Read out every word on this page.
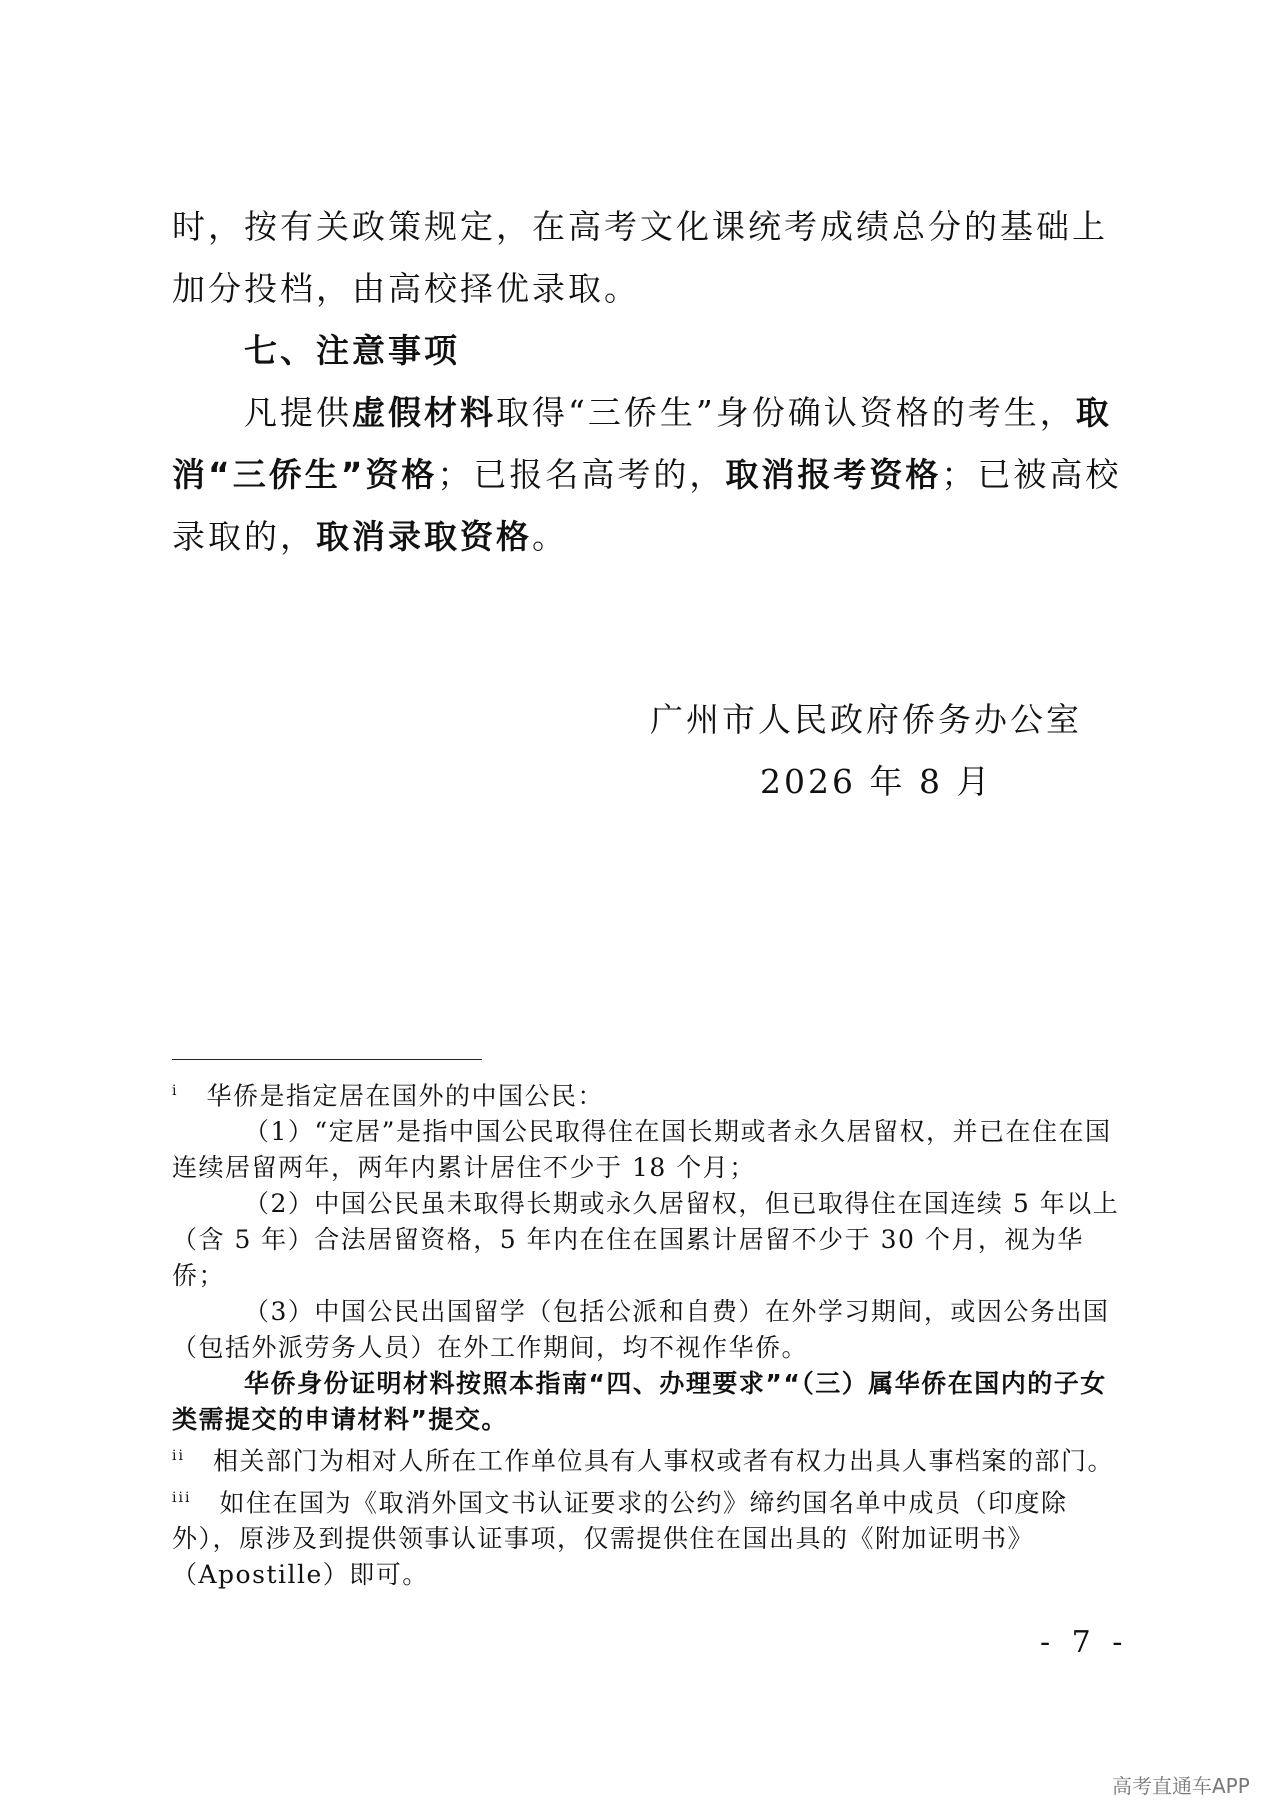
时，按有关政策规定，在高考文化课统考成绩总分的基础上加分投档，由高校择优录取。

七、注意事项

凡提供虚假材料取得“三侨生”身份确认资格的考生，取消“三侨生”资格；已报名高考的，取消报考资格；已被高校录取的，取消录取资格。

广州市人民政府侨务办公室
2026 年 8 月

$^i$ 华侨是指定居在国外的中国公民：

（1）“定居”是指中国公民取得住在国长期或者永久居留权，并已在住在国连续居留两年，两年内累计居住不少于 18 个月；

（2）中国公民虽未取得长期或永久居留权，但已取得住在国连续 5 年以上（含 5 年）合法居留资格，5 年内在住在国累计居留不少于 30 个月，视为华侨；

（3）中国公民出国留学（包括公派和自费）在外学习期间，或因公务出国（包括外派劳务人员）在外工作期间，均不视作华侨。

华侨身份证明材料按照本指南“四、办理要求”“（三）属华侨在国内的子女类需提交的申请材料”提交。

$^{ii}$ 相关部门为相对人所在工作单位具有人事权或者有权力出具人事档案的部门。

$^{iii}$ 如住在国为《取消外国文书认证要求的公约》缔约国名单中成员（印度除外），原涉及到提供领事认证事项，仅需提供住在国出具的《附加证明书》（Apostille）即可。

- 7 -
高考直通车APP
